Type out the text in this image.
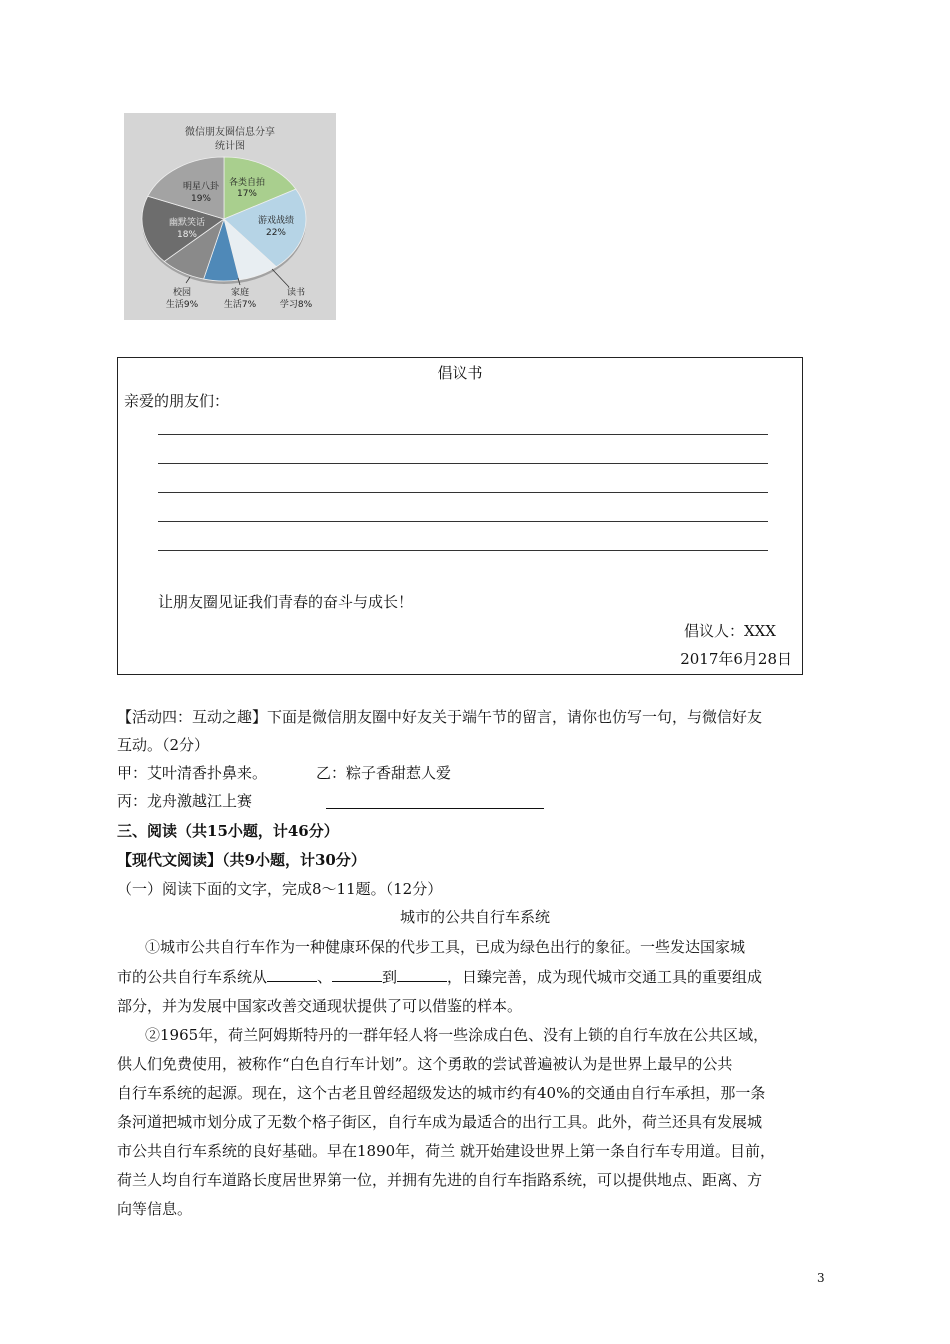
微信朋友圈信息分享
统计图
各类自拍
17%
游戏战绩
22%
明星八卦
19%
幽默笑话
18%
校园
生活9%
家庭
生活7%
读书
学习8%
倡议书
亲爱的朋友们：
让朋友圈见证我们青春的奋斗与成长！
倡议人：XXX
2017年6月28日
【活动四：互动之趣】下面是微信朋友圈中好友关于端午节的留言，请你也仿写一句，与微信好友
互动。（2分）
甲：艾叶清香扑鼻来。	乙：粽子香甜惹人爱
丙：龙舟激越江上赛
三、阅读（共15小题，计46分）
【现代文阅读】（共9小题，计30分）
（一）阅读下面的文字，完成8～11题。（12分）
城市的公共自行车系统
①城市公共自行车作为一种健康环保的代步工具，已成为绿色出行的象征。一些发达国家城
市的公共自行车系统从	、	到	，日臻完善，成为现代城市交通工具的重要组成
部分，并为发展中国家改善交通现状提供了可以借鉴的样本。
②1965年，荷兰阿姆斯特丹的一群年轻人将一些涂成白色、没有上锁的自行车放在公共区域，
供人们免费使用，被称作“白色自行车计划”。这个勇敢的尝试普遍被认为是世界上最早的公共
自行车系统的起源。现在，这个古老且曾经超级发达的城市约有40%的交通由自行车承担，那一条
条河道把城市划分成了无数个格子街区，自行车成为最适合的出行工具。此外，荷兰还具有发展城
市公共自行车系统的良好基础。早在1890年，荷兰 就开始建设世界上第一条自行车专用道。目前，
荷兰人均自行车道路长度居世界第一位，并拥有先进的自行车指路系统，可以提供地点、距离、方
向等信息。
3
